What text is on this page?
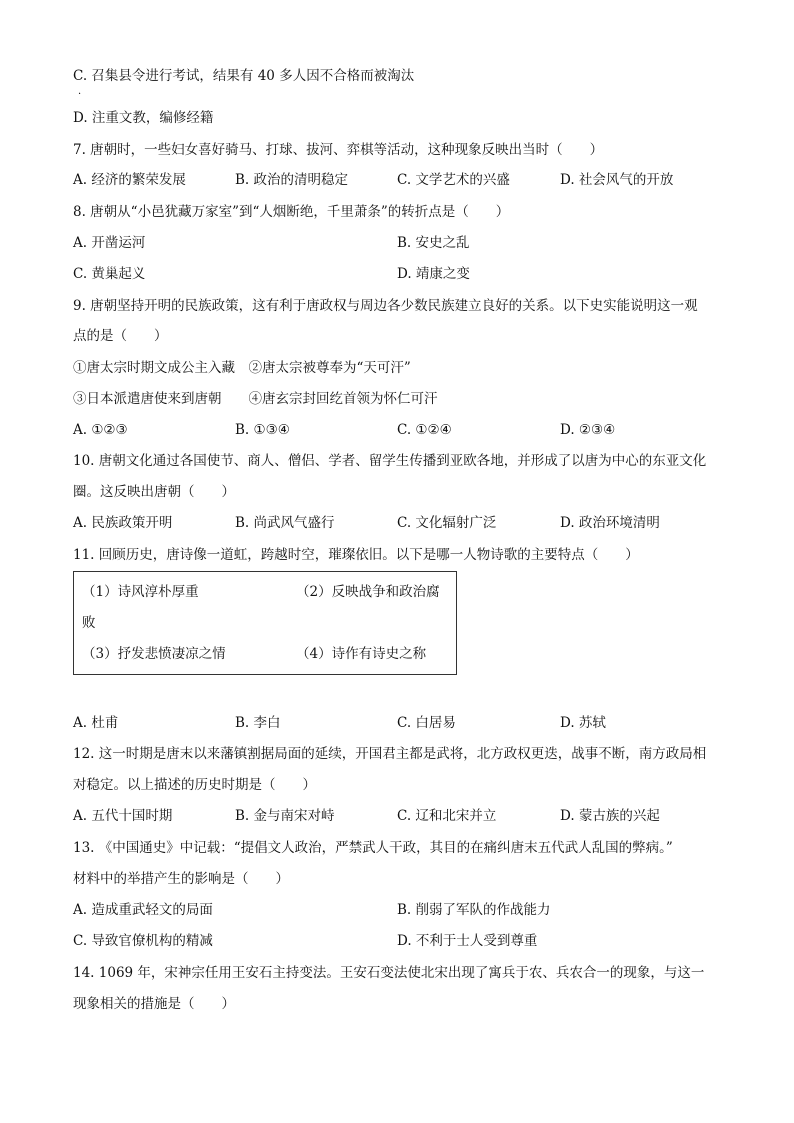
C. 召集县令进行考试，结果有 40 多人因不合格而被淘汰
·
D. 注重文教，编修经籍
7. 唐朝时，一些妇女喜好骑马、打球、拔河、弈棋等活动，这种现象反映出当时（　　）
A. 经济的繁荣发展	B. 政治的清明稳定	C. 文学艺术的兴盛	D. 社会风气的开放
8. 唐朝从“小邑犹藏万家室”到“人烟断绝，千里萧条”的转折点是（　　）
A. 开凿运河	B. 安史之乱
C. 黄巢起义	D. 靖康之变
9. 唐朝坚持开明的民族政策，这有利于唐政权与周边各少数民族建立良好的关系。以下史实能说明这一观
点的是（　　）
①唐太宗时期文成公主入藏　②唐太宗被尊奉为“天可汗”
③日本派遣唐使来到唐朝　　④唐玄宗封回纥首领为怀仁可汗
A. ①②③	B. ①③④	C. ①②④	D. ②③④
10. 唐朝文化通过各国使节、商人、僧侣、学者、留学生传播到亚欧各地，并形成了以唐为中心的东亚文化
圈。这反映出唐朝（　　）
A. 民族政策开明	B. 尚武风气盛行	C. 文化辐射广泛	D. 政治环境清明
11. 回顾历史，唐诗像一道虹，跨越时空，璀璨依旧。以下是哪一人物诗歌的主要特点（　　）
（1）诗风淳朴厚重	（2）反映战争和政治腐
败
（3）抒发悲愤凄凉之情	（4）诗作有诗史之称
A. 杜甫	B. 李白	C. 白居易	D. 苏轼
12. 这一时期是唐末以来藩镇割据局面的延续，开国君主都是武将，北方政权更迭，战事不断，南方政局相
对稳定。以上描述的历史时期是（　　）
A. 五代十国时期	B. 金与南宋对峙	C. 辽和北宋并立	D. 蒙古族的兴起
13. 《中国通史》中记载：“提倡文人政治，严禁武人干政，其目的在痛纠唐末五代武人乱国的弊病。”
材料中的举措产生的影响是（　　）
A. 造成重武轻文的局面	B. 削弱了军队的作战能力
C. 导致官僚机构的精减	D. 不利于士人受到尊重
14. 1069 年，宋神宗任用王安石主持变法。王安石变法使北宋出现了寓兵于农、兵农合一的现象，与这一
现象相关的措施是（　　）
